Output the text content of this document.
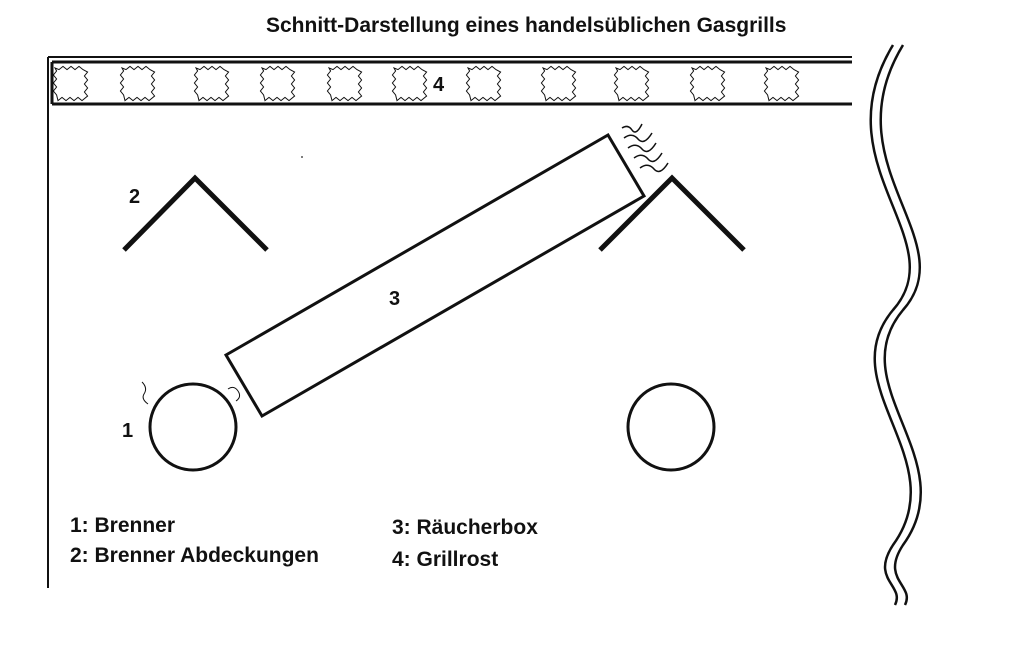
Schnitt-Darstellung eines handelsüblichen Gasgrills
4
2
3
1
1: Brenner
2: Brenner Abdeckungen
3: Räucherbox
4: Grillrost
